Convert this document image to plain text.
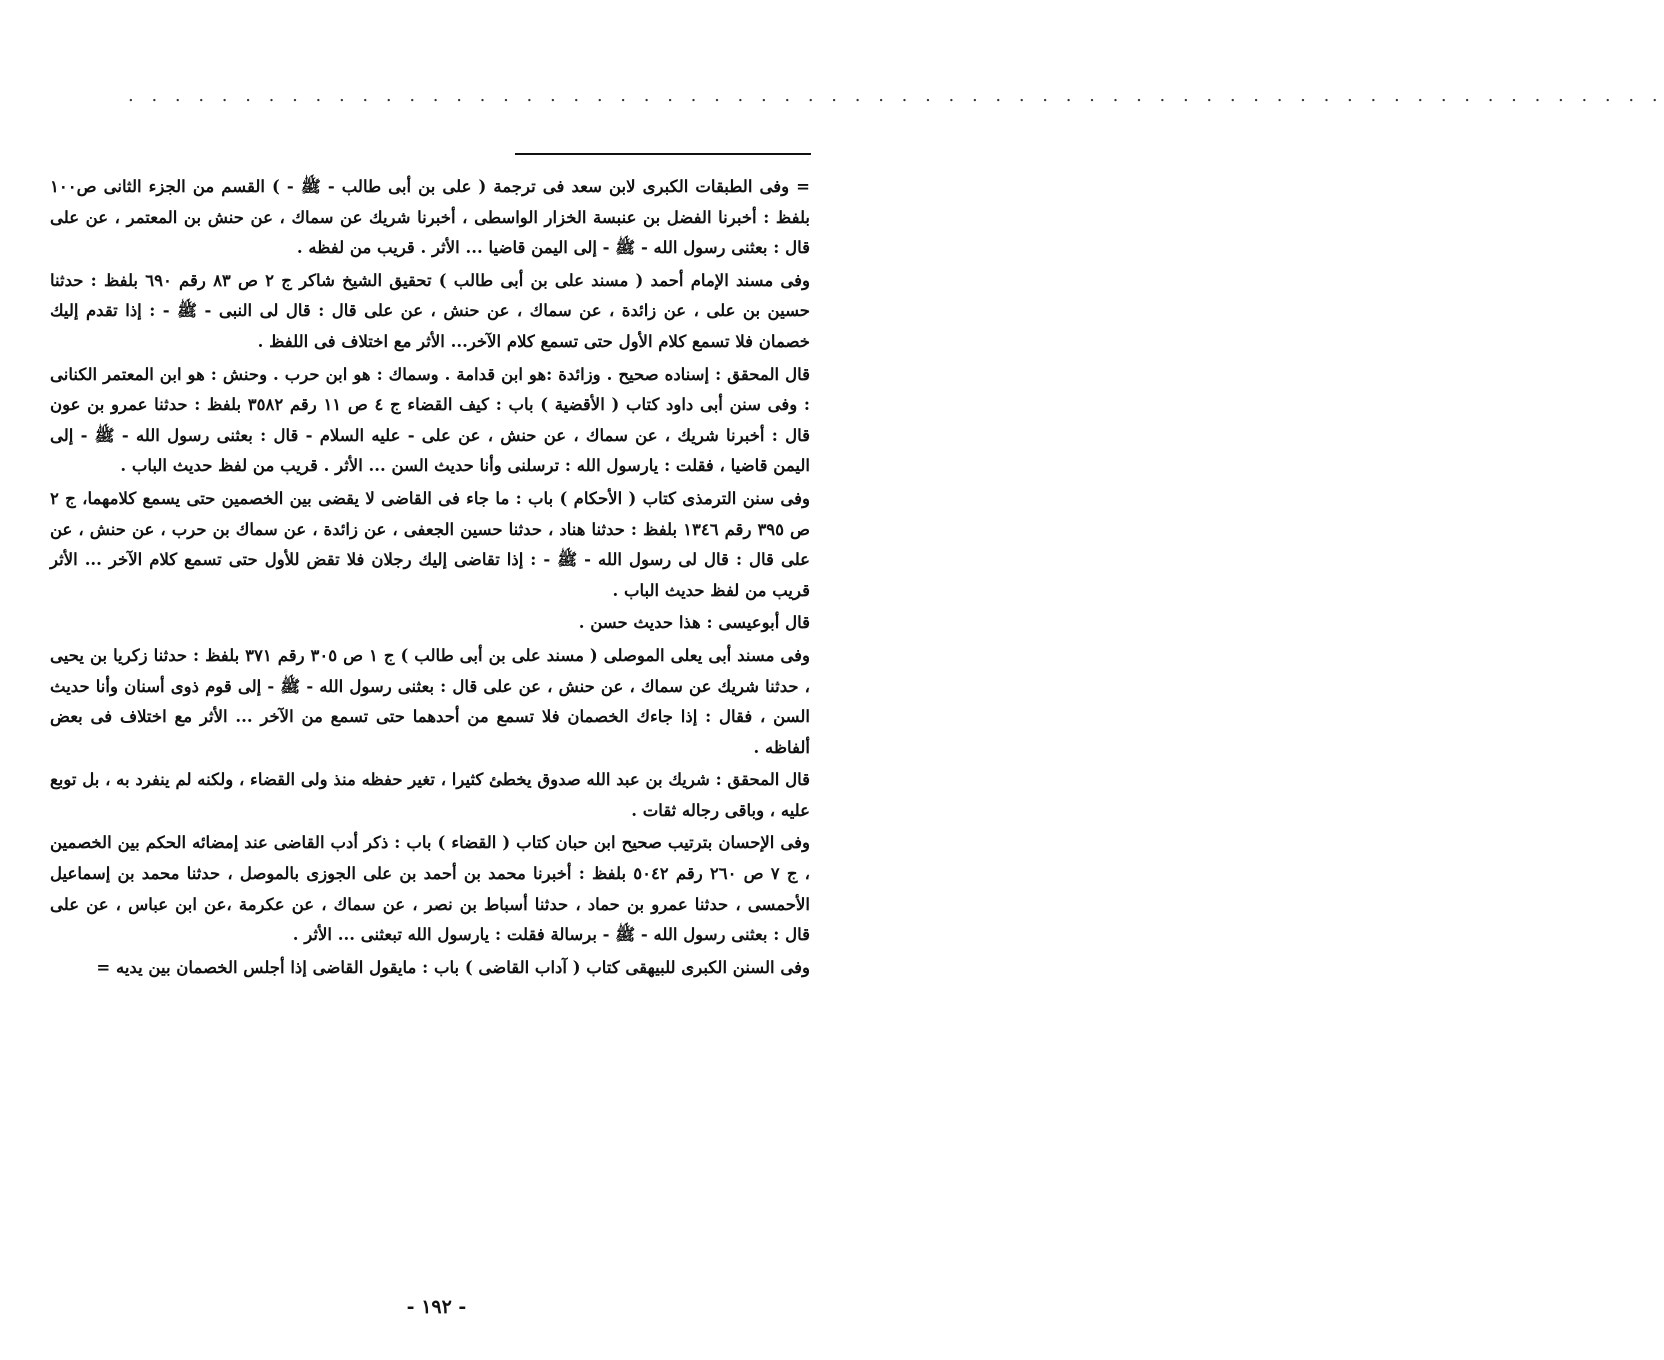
. . . . . . . . . . . . . . . . . . . . . . . . . . . . . . . . . . . . . . . . . . . . . . . . . . . . . . . . . . . . . . . . . .

= وفى الطبقات الكبرى لابن سعد فى ترجمة ( على بن أبى طالب - ﷺ - ) القسم من الجزء الثانى ص١٠٠ بلفظ : أخبرنا الفضل بن عنبسة الخزار الواسطى ، أخبرنا شريك عن سماك ، عن حنش بن المعتمر ، عن على قال : بعثنى رسول الله - ﷺ - إلى اليمن قاضيا ... الأثر . قريب من لفظه .

وفى مسند الإمام أحمد ( مسند على بن أبى طالب ) تحقيق الشيخ شاكر ج ٢ ص ٨٣ رقم ٦٩٠ بلفظ : حدثنا حسين بن على ، عن زائدة ، عن سماك ، عن حنش ، عن على قال : قال لى النبى - ﷺ - : إذا تقدم إليك خصمان فلا تسمع كلام الأول حتى تسمع كلام الآخر... الأثر مع اختلاف فى اللفظ .

قال المحقق : إسناده صحيح . وزائدة :هو ابن قدامة . وسماك : هو ابن حرب . وحنش : هو ابن المعتمر الكنانى : وفى سنن أبى داود كتاب ( الأقضية ) باب : كيف القضاء ج ٤ ص ١١ رقم ٣٥٨٢ بلفظ : حدثنا عمرو بن عون قال : أخبرنا شريك ، عن سماك ، عن حنش ، عن على - عليه السلام - قال : بعثنى رسول الله - ﷺ - إلى اليمن قاضيا ، فقلت : يارسول الله : ترسلنى وأنا حديث السن ... الأثر . قريب من لفظ حديث الباب .

وفى سنن الترمذى كتاب ( الأحكام ) باب : ما جاء فى القاضى لا يقضى بين الخصمين حتى يسمع كلامهما، ج ٢ ص ٣٩٥ رقم ١٣٤٦ بلفظ : حدثنا هناد ، حدثنا حسين الجعفى ، عن زائدة ، عن سماك بن حرب ، عن حنش ، عن على قال : قال لى رسول الله - ﷺ - : إذا تقاضى إليك رجلان فلا تقض للأول حتى تسمع كلام الآخر ... الأثر قريب من لفظ حديث الباب .

قال أبوعيسى : هذا حديث حسن .

وفى مسند أبى يعلى الموصلى ( مسند على بن أبى طالب ) ج ١ ص ٣٠٥ رقم ٣٧١ بلفظ : حدثنا زكريا بن يحيى ، حدثنا شريك عن سماك ، عن حنش ، عن على قال : بعثنى رسول الله - ﷺ - إلى قوم ذوى أسنان وأنا حديث السن ، فقال : إذا جاءك الخصمان فلا تسمع من أحدهما حتى تسمع من الآخر ... الأثر مع اختلاف فى بعض ألفاظه .

قال المحقق : شريك بن عبد الله صدوق يخطئ كثيرا ، تغير حفظه منذ ولى القضاء ، ولكنه لم ينفرد به ، بل توبع عليه ، وباقى رجاله ثقات .

وفى الإحسان بترتيب صحيح ابن حبان كتاب ( القضاء ) باب : ذكر أدب القاضى عند إمضائه الحكم بين الخصمين ، ج ٧ ص ٢٦٠ رقم ٥٠٤٢ بلفظ : أخبرنا محمد بن أحمد بن على الجوزى بالموصل ، حدثنا محمد بن إسماعيل الأحمسى ، حدثنا عمرو بن حماد ، حدثنا أسباط بن نصر ، عن سماك ، عن عكرمة ،عن ابن عباس ، عن على قال : بعثنى رسول الله - ﷺ - برسالة فقلت : يارسول الله تبعثنى ... الأثر .

وفى السنن الكبرى للبيهقى كتاب ( آداب القاضى ) باب : مايقول القاضى إذا أجلس الخصمان بين يديه =

- ١٩٢ -
